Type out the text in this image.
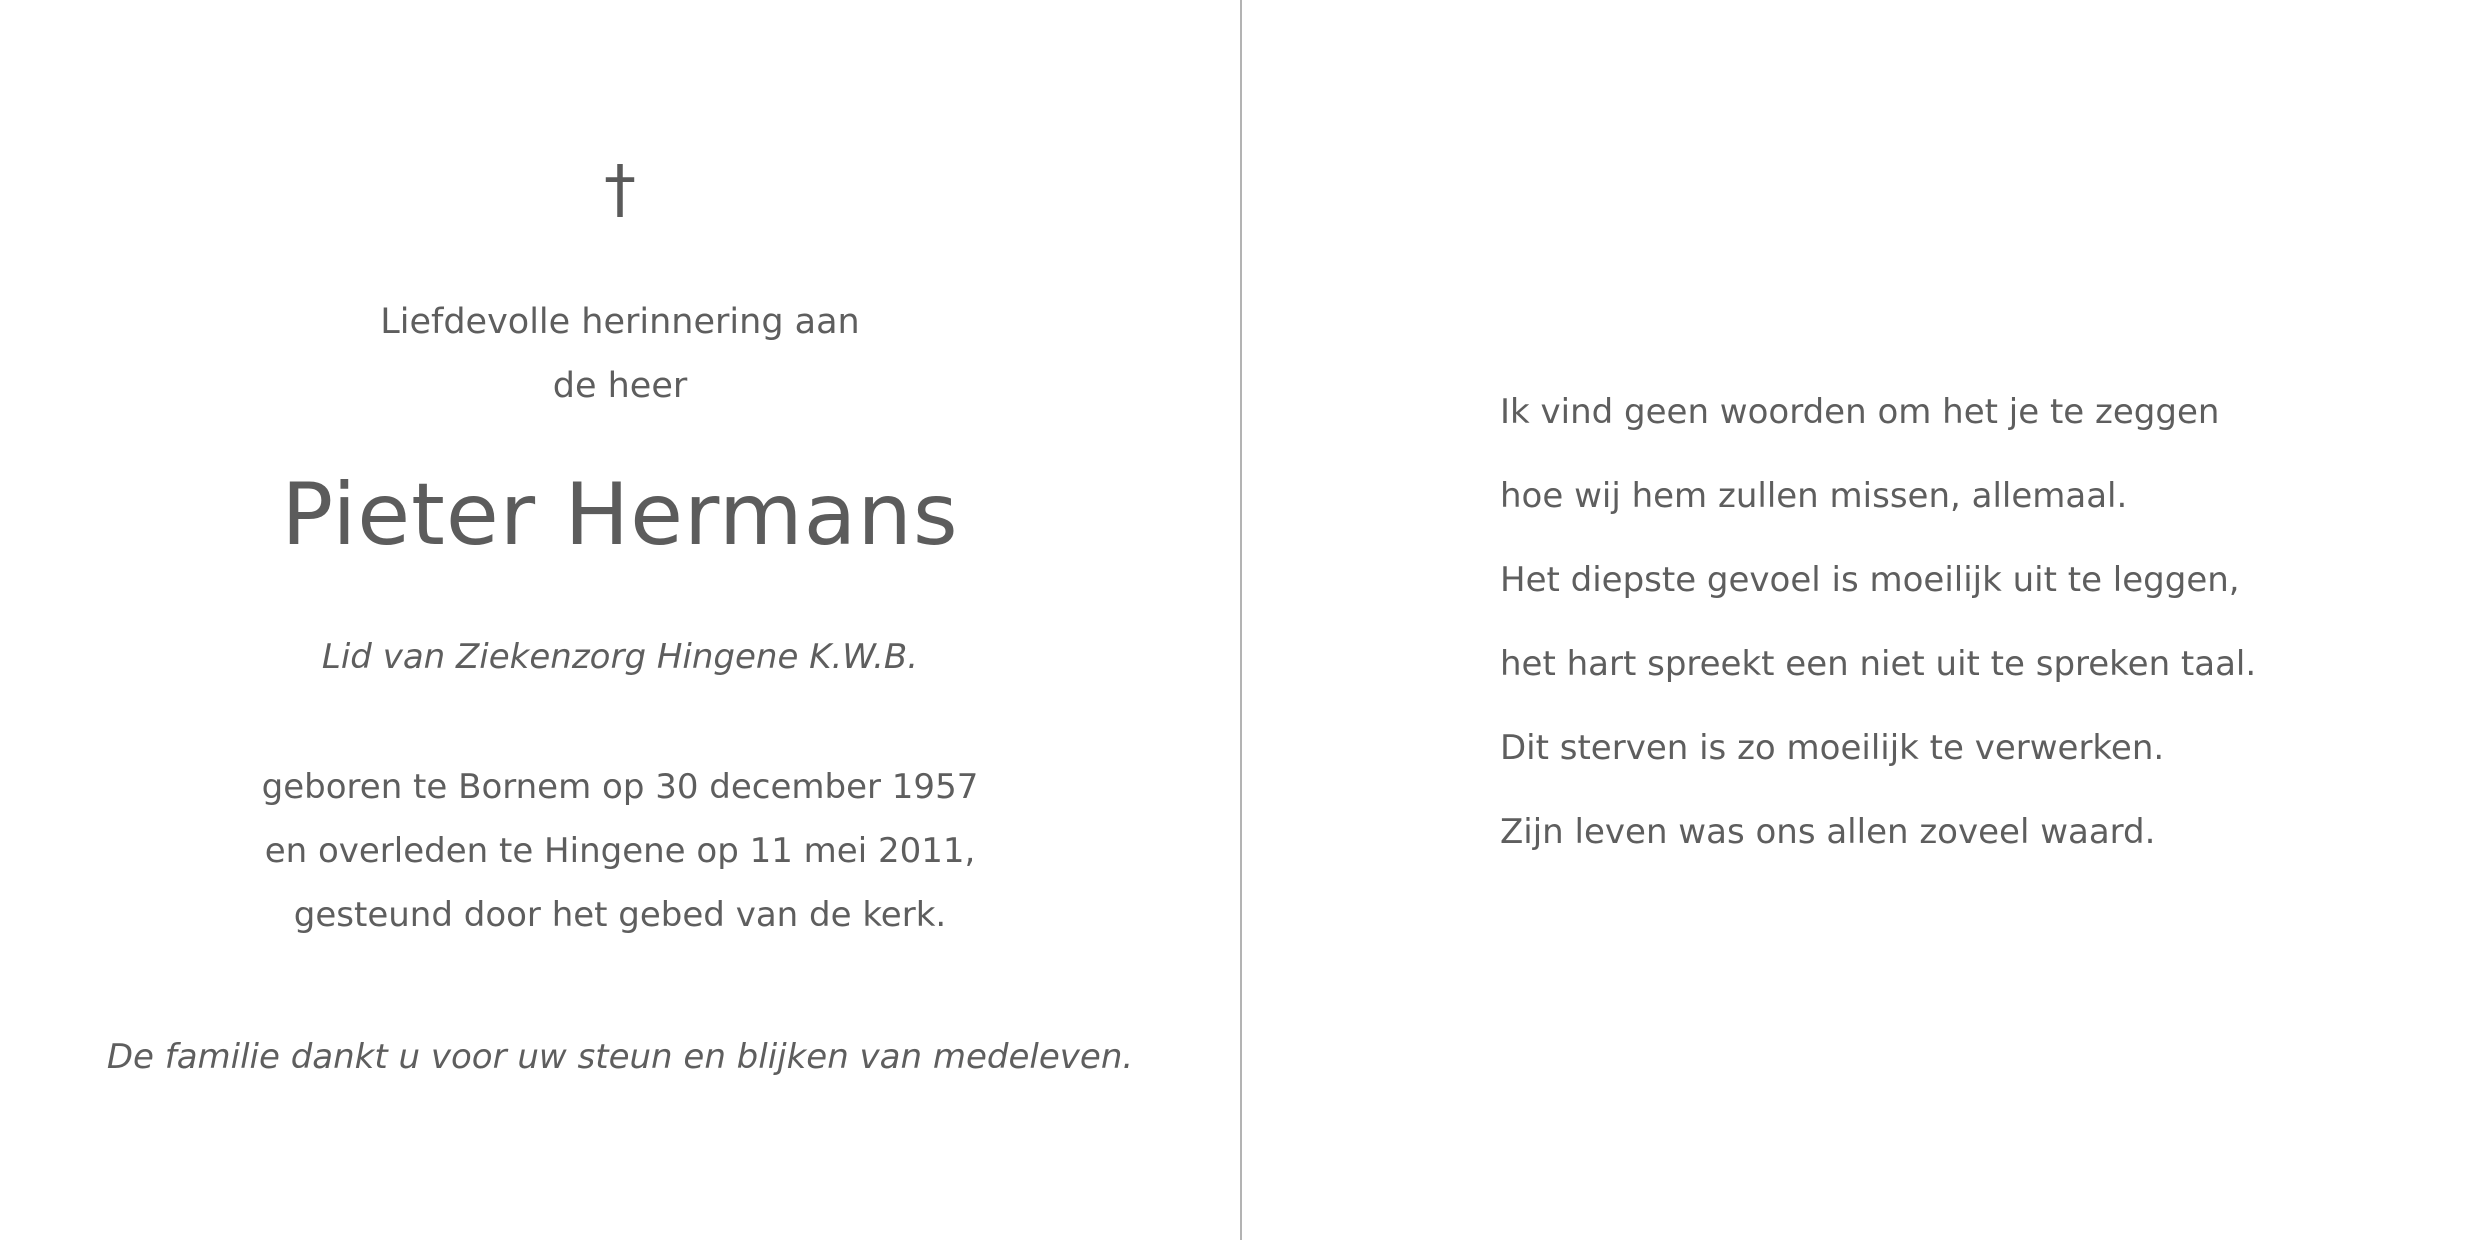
†
Liefdevolle herinnering aan
de heer
Pieter Hermans
Lid van Ziekenzorg Hingene K.W.B.
geboren te Bornem op 30 december 1957
en overleden te Hingene op 11 mei 2011,
gesteund door het gebed van de kerk.
De familie dankt u voor uw steun en blijken van medeleven.
Ik vind geen woorden om het je te zeggen
hoe wij hem zullen missen, allemaal.
Het diepste gevoel is moeilijk uit te leggen,
het hart spreekt een niet uit te spreken taal.
Dit sterven is zo moeilijk te verwerken.
Zijn leven was ons allen zoveel waard.
